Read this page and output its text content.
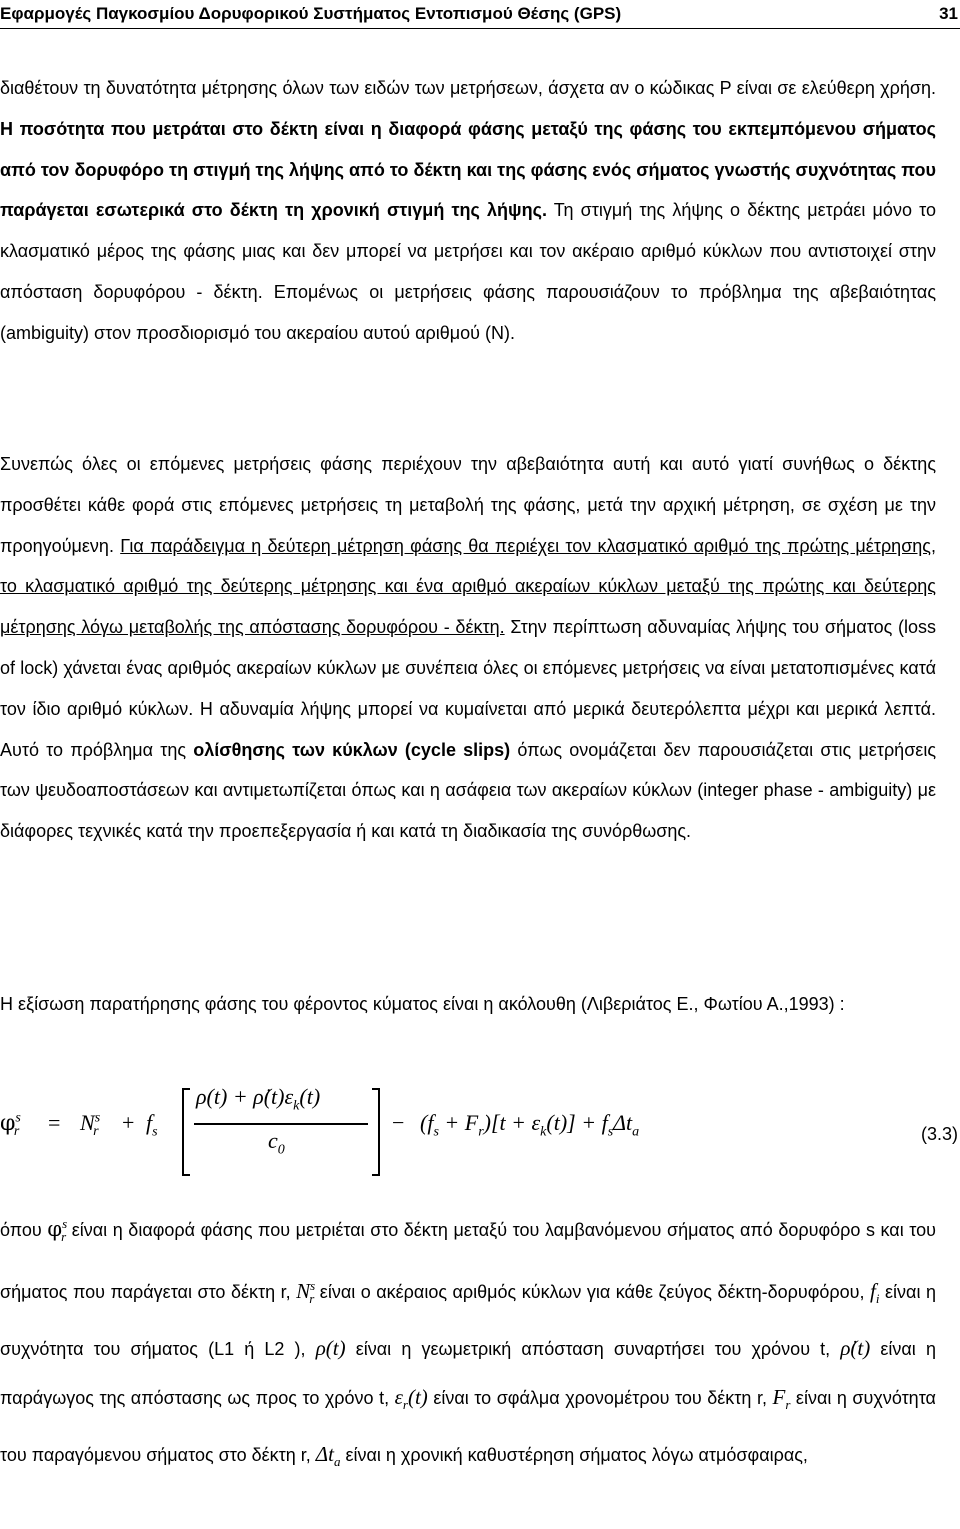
Εφαρμογές Παγκοσμίου Δορυφορικού Συστήματος Εντοπισμού Θέσης (GPS)	31

διαθέτουν τη δυνατότητα μέτρησης όλων των ειδών των μετρήσεων, άσχετα αν ο κώδικας P είναι σε ελεύθερη χρήση. Η ποσότητα που μετράται στο δέκτη είναι η διαφορά φάσης μεταξύ της φάσης του εκπεμπόμενου σήματος από τον δορυφόρο τη στιγμή της λήψης από το δέκτη και της φάσης ενός σήματος γνωστής συχνότητας που παράγεται εσωτερικά στο δέκτη τη χρονική στιγμή της λήψης. Τη στιγμή της λήψης ο δέκτης μετράει μόνο το κλασματικό μέρος της φάσης μιας και δεν μπορεί να μετρήσει και τον ακέραιο αριθμό κύκλων που αντιστοιχεί στην απόσταση δορυφόρου - δέκτη. Επομένως οι μετρήσεις φάσης παρουσιάζουν το πρόβλημα της αβεβαιότητας (ambiguity) στον προσδιορισμό του ακεραίου αυτού αριθμού (N).

Συνεπώς όλες οι επόμενες μετρήσεις φάσης περιέχουν την αβεβαιότητα αυτή και αυτό γιατί συνήθως ο δέκτης προσθέτει κάθε φορά στις επόμενες μετρήσεις τη μεταβολή της φάσης, μετά την αρχική μέτρηση, σε σχέση με την προηγούμενη. Για παράδειγμα η δεύτερη μέτρηση φάσης θα περιέχει τον κλασματικό αριθμό της πρώτης μέτρησης, το κλασματικό αριθμό της δεύτερης μέτρησης και ένα αριθμό ακεραίων κύκλων μεταξύ της πρώτης και δεύτερης μέτρησης λόγω μεταβολής της απόστασης δορυφόρου - δέκτη. Στην περίπτωση αδυναμίας λήψης του σήματος (loss of lock) χάνεται ένας αριθμός ακεραίων κύκλων με συνέπεια όλες οι επόμενες μετρήσεις να είναι μετατοπισμένες κατά τον ίδιο αριθμό κύκλων. Η αδυναμία λήψης μπορεί να κυμαίνεται από μερικά δευτερόλεπτα μέχρι και μερικά λεπτά. Αυτό το πρόβλημα της ολίσθησης των κύκλων (cycle slips) όπως ονομάζεται δεν παρουσιάζεται στις μετρήσεις των ψευδοαποστάσεων και αντιμετωπίζεται όπως και η ασάφεια των ακεραίων κύκλων (integer phase - ambiguity) με διάφορες τεχνικές κατά την προεπεξεργασία ή και κατά τη διαδικασία της συνόρθωσης.

Η εξίσωση παρατήρησης φάσης του φέροντος κύματος είναι η ακόλουθη (Λιβεριάτος Ε., Φωτίου Α.,1993) :

$\varphi^s_r = N^s_r + f_s$
$\rho(t) + \rhȯ(t)\varepsilon_k(t)$
$c_0$
− $(f_s + F_r)[t + \varepsilon_k(t)] + f_s\Delta t_a$	(3.3)

όπου $\varphi^s_r$ είναι η διαφορά φάσης που μετριέται στο δέκτη μεταξύ του λαμβανόμενου σήματος από δορυφόρο s και του σήματος που παράγεται στο δέκτη r, $N^s_r$ είναι ο ακέραιος αριθμός κύκλων για κάθε ζεύγος δέκτη-δορυφόρου, $f_i$ είναι η συχνότητα του σήματος (L1 ή L2 ), ρ(t) είναι η γεωμετρική απόσταση συναρτήσει του χρόνου t, ρ̇(t) είναι η παράγωγος της απόστασης ως προς το χρόνο t, $\varepsilon_r(t)$ είναι το σφάλμα χρονομέτρου του δέκτη r, $F_r$ είναι η συχνότητα του παραγόμενου σήματος στο δέκτη r, $\Delta t_a$ είναι η χρονική καθυστέρηση σήματος λόγω ατμόσφαιρας,
